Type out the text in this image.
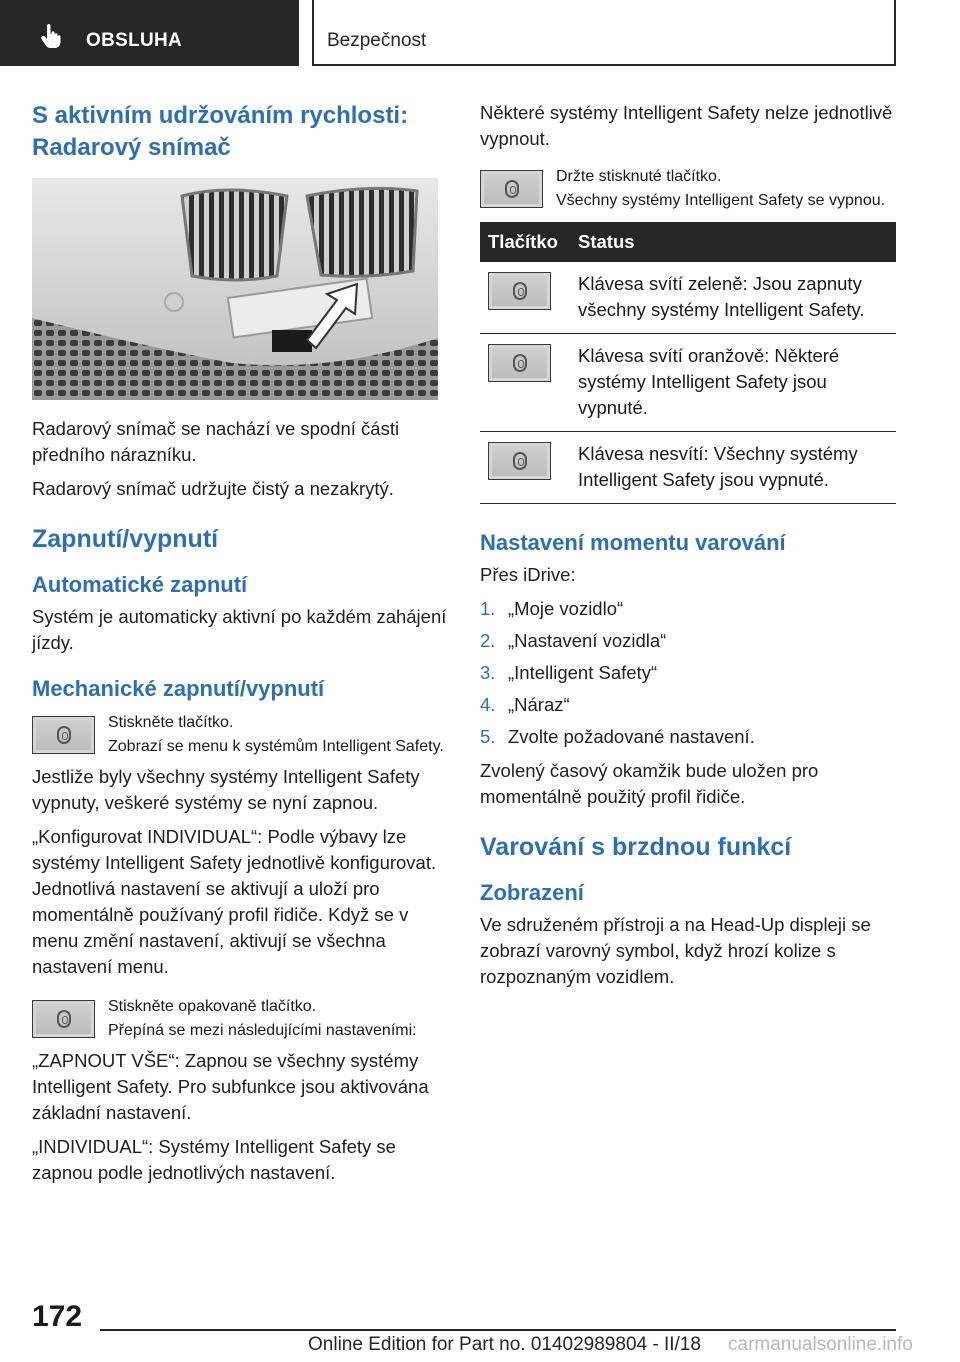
OBSLUHA	Bezpečnost
S aktivním udržováním rychlosti: Radarový snímač

Radarový snímač se nachází ve spodní části předního nárazníku.

Radarový snímač udržujte čistý a nezakrytý.

Zapnutí/vypnutí
Automatické zapnutí

Systém je automaticky aktivní po každém zahájení jízdy.

Mechanické zapnutí/vypnutí
Stiskněte tlačítko.
Zobrazí se menu k systémům Intelligent Safety.

Jestliže byly všechny systémy Intelligent Safety vypnuty, veškeré systémy se nyní zapnou.

„Konfigurovat INDIVIDUAL“: Podle výbavy lze systémy Intelligent Safety jednotlivě konfigurovat. Jednotlivá nastavení se aktivují a uloží pro momentálně používaný profil řidiče. Když se v menu změní nastavení, aktivují se všechna nastavení menu.

Stiskněte opakovaně tlačítko.
Přepíná se mezi následujícími nastaveními:

„ZAPNOUT VŠE“: Zapnou se všechny systémy Intelligent Safety. Pro subfunkce jsou aktivována základní nastavení.

„INDIVIDUAL“: Systémy Intelligent Safety se zapnou podle jednotlivých nastavení.

Některé systémy Intelligent Safety nelze jednotlivě vypnout.

Držte stisknuté tlačítko.
Všechny systémy Intelligent Safety se vypnou.
Tlačítko	Status

	Klávesa svítí zeleně: Jsou zapnuty všechny systémy Intelligent Safety.

	Klávesa svítí oranžově: Některé systémy Intelligent Safety jsou vypnuté.

	Klávesa nesvítí: Všechny systémy Intelligent Safety jsou vypnuté.
Nastavení momentu varování

Přes iDrive:

1. „Moje vozidlo“
2. „Nastavení vozidla“
3. „Intelligent Safety“
4. „Náraz“
5. Zvolte požadované nastavení.

Zvolený časový okamžik bude uložen pro momentálně použitý profil řidiče.

Varování s brzdnou funkcí
Zobrazení

Ve sdruženém přístroji a na Head-Up displeji se zobrazí varovný symbol, když hrozí kolize s rozpoznaným vozidlem.

172
Online Edition for Part no. 01402989804 - II/18 carmanualsonline.info
